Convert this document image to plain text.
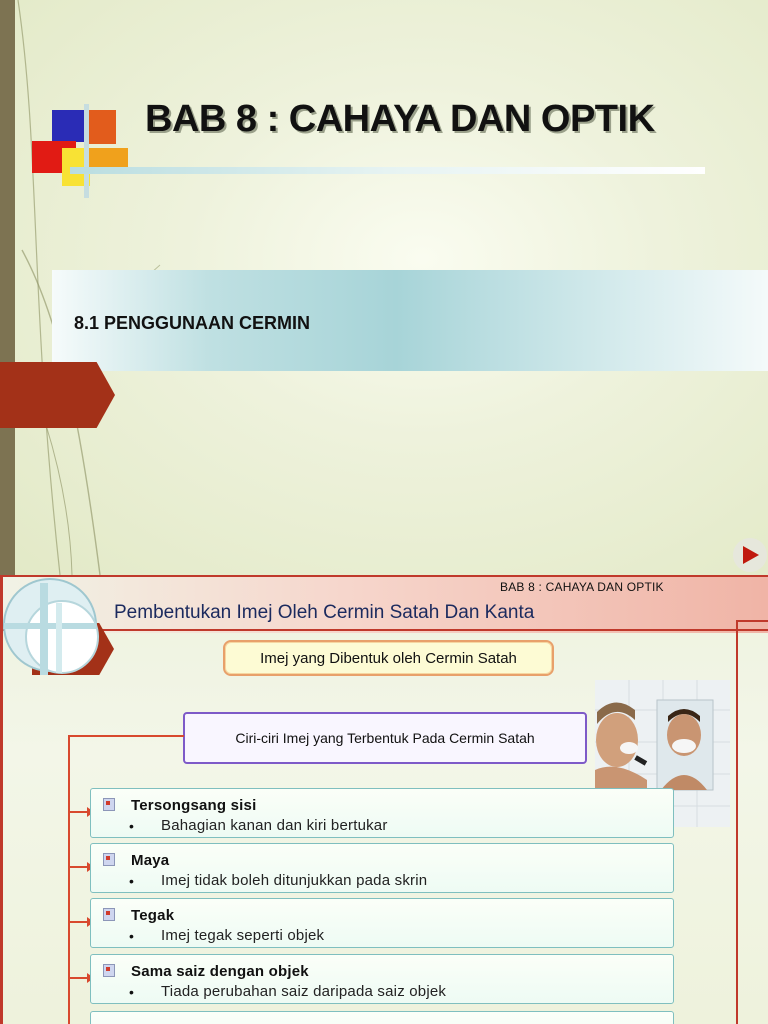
BAB 8 : CAHAYA DAN OPTIK
8.1 PENGGUNAAN CERMIN
BAB 8 : CAHAYA DAN OPTIK
Pembentukan Imej Oleh Cermin Satah Dan Kanta
Imej yang Dibentuk oleh Cermin Satah
Ciri-ciri Imej yang Terbentuk Pada Cermin Satah
Tersongsang sisi
• Bahagian kanan dan kiri bertukar
Maya
• Imej tidak boleh ditunjukkan pada skrin
Tegak
• Imej tegak seperti objek
Sama saiz dengan objek
• Tiada perubahan saiz daripada saiz objek
